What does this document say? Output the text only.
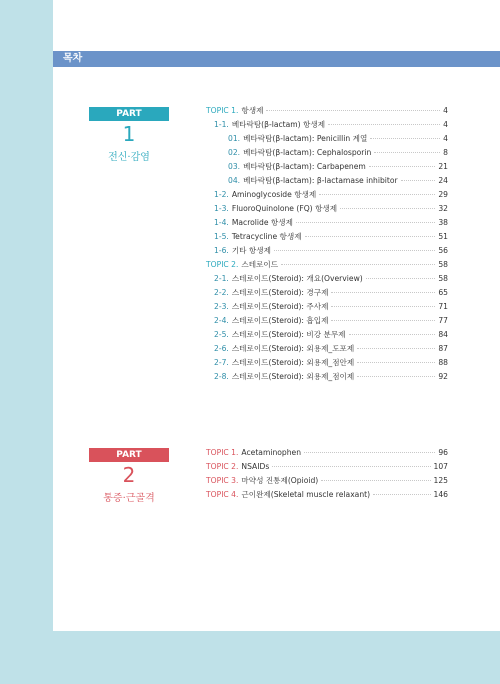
목차
PART
1
전신·감염
TOPIC 1. 항생제	4
1-1. 베타락탐(β-lactam) 항생제	4
01. 베타락탐(β-lactam): Penicillin 계열	4
02. 베타락탐(β-lactam): Cephalosporin	8
03. 베타락탐(β-lactam): Carbapenem	21
04. 베타락탐(β-lactam): β-lactamase inhibitor	24
1-2. Aminoglycoside 항생제	29
1-3. FluoroQuinolone (FQ) 항생제	32
1-4. Macrolide 항생제	38
1-5. Tetracycline 항생제	51
1-6. 기타 항생제	56
TOPIC 2. 스테로이드	58
2-1. 스테로이드(Steroid): 개요(Overview)	58
2-2. 스테로이드(Steroid): 경구제	65
2-3. 스테로이드(Steroid): 주사제	71
2-4. 스테로이드(Steroid): 흡입제	77
2-5. 스테로이드(Steroid): 비강 분무제	84
2-6. 스테로이드(Steroid): 외용제_도포제	87
2-7. 스테로이드(Steroid): 외용제_점안제	88
2-8. 스테로이드(Steroid): 외용제_점이제	92
PART
2
통증·근골격
TOPIC 1. Acetaminophen	96
TOPIC 2. NSAIDs	107
TOPIC 3. 마약성 진통제(Opioid)	125
TOPIC 4. 근이완제(Skeletal muscle relaxant)	146
